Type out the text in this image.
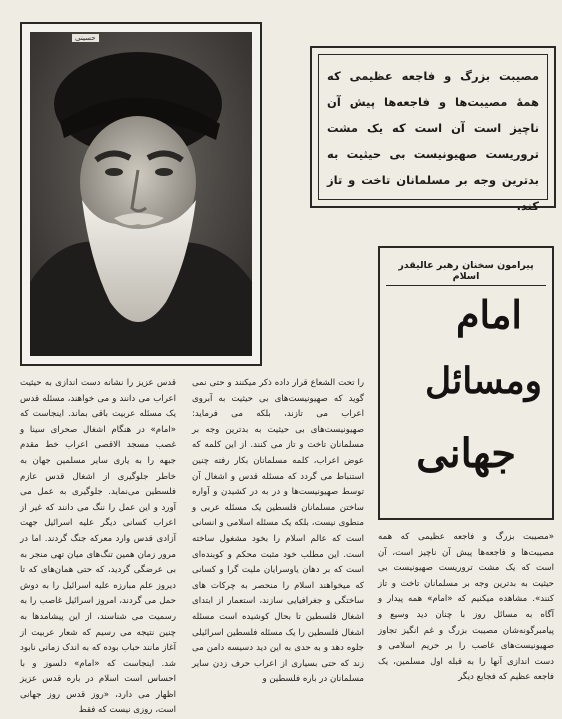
حسینی
مصیبت بزرگ و فاجعه عظیمی که همهٔ مصیبت‌ها و فاجعه‌ها پیش آن ناچیز است آن است که یک مشت تروریست صهیونیست بی حیثیت به بدترین وجه بر مسلمانان تاخت و تاز کند.
پیرامون سخنان رهبر عالیقدر اسلام
امام
ومسائل
جهانی

قدس عزیز را نشانه دست اندازی به حیثیت اعراب می دانند و می خواهند، مسئله قدس یک مسئله عربیت باقی بماند. اینجاست که «امام» در هنگام اشغال صحرای سینا و غصب مسجد الاقصی اعراب خط مقدم جبهه را به یاری سایر مسلمین جهان به خاطر جلوگیری از اشغال قدس عازم فلسطین می‌نماید. جلوگیری به عمل می آورد و این عمل را ننگ می دانند که غیر از اعراب کسانی دیگر علیه اسرائیل جهت آزادی قدس وارد معرکه جنگ گردند. اما در مرور زمان همین تنگ‌های میان تهی منجر به بی عرضگی گردید، که حتی همان‌های که تا دیروز علم مبارزه علیه اسرائیل را به دوش حمل می گردند، امروز اسرائیل غاصب را به رسمیت می شناسند، از این پیشامدها به چنین نتیجه می رسیم که شعار عربیت از آغاز مانند حباب بوده که به اندک زمانی نابود شد. اینجاست که «امام» دلسوز و با احساس است اسلام در باره قدس عزیز اظهار می دارد، «روز قدس روز جهانی است، روزی نیست که فقط

را تحت الشعاع قرار داده ذکر میکنند و حتی نمی گوید که صهیونیست‌های بی حیثیت به آبروی اعراب می تازند، بلکه می فرماید: صهیونیست‌های بی حیثیت به بدترین وجه بر مسلمانان تاخت و تاز می کنند. از این کلمه که عوض اعراب، کلمه مسلمانان بکار رفته چنین استنباط می گردد که مسئله قدس و اشغال آن توسط صهیونیست‌ها و در به در کشیدن و آواره ساختن مسلمانان فلسطین یک مسئله عربی و منطوی نیست، بلکه یک مسئله اسلامی و انسانی است که عالم اسلام را بخود مشغول ساخته است. این مطلب خود مثبت محکم و کوبنده‌ای است که بر دهان یاوسرایان ملیت گرا و کسانی که میخواهند اسلام را منحصر به چرکات های ساختگی و جغرافیایی سازند، استعمار از ابتدای اشغال فلسطین تا بحال کوشیده است مسئله اشغال فلسطین را یک مسئله فلسطین اسرائیلی جلوه دهد و به حدی به این دید دسیسه دامن می زند که حتی بسیاری از اعراب حرف زدن سایر مسلمانان در باره فلسطین و

«مصیبت بزرگ و فاجعه عظیمی که همه مصیبت‌ها و فاجعه‌ها پیش آن ناچیز است، آن است که یک مشت تروریست صهیونیست بی حیثیت به بدترین وجه بر مسلمانان تاخت و تاز کنند». مشاهده میکنیم که «امام» همه پیدار و آگاه به مسائل روز با چنان دید وسیع و پیامبرگونه‌شان مصیبت بزرگ و غم انگیز تجاوز صهیونیست‌های غاصب را بر حریم اسلامی و دست اندازی آنها را به قبله اول مسلمین، یک فاجعه عظیم که فجایع دیگر
